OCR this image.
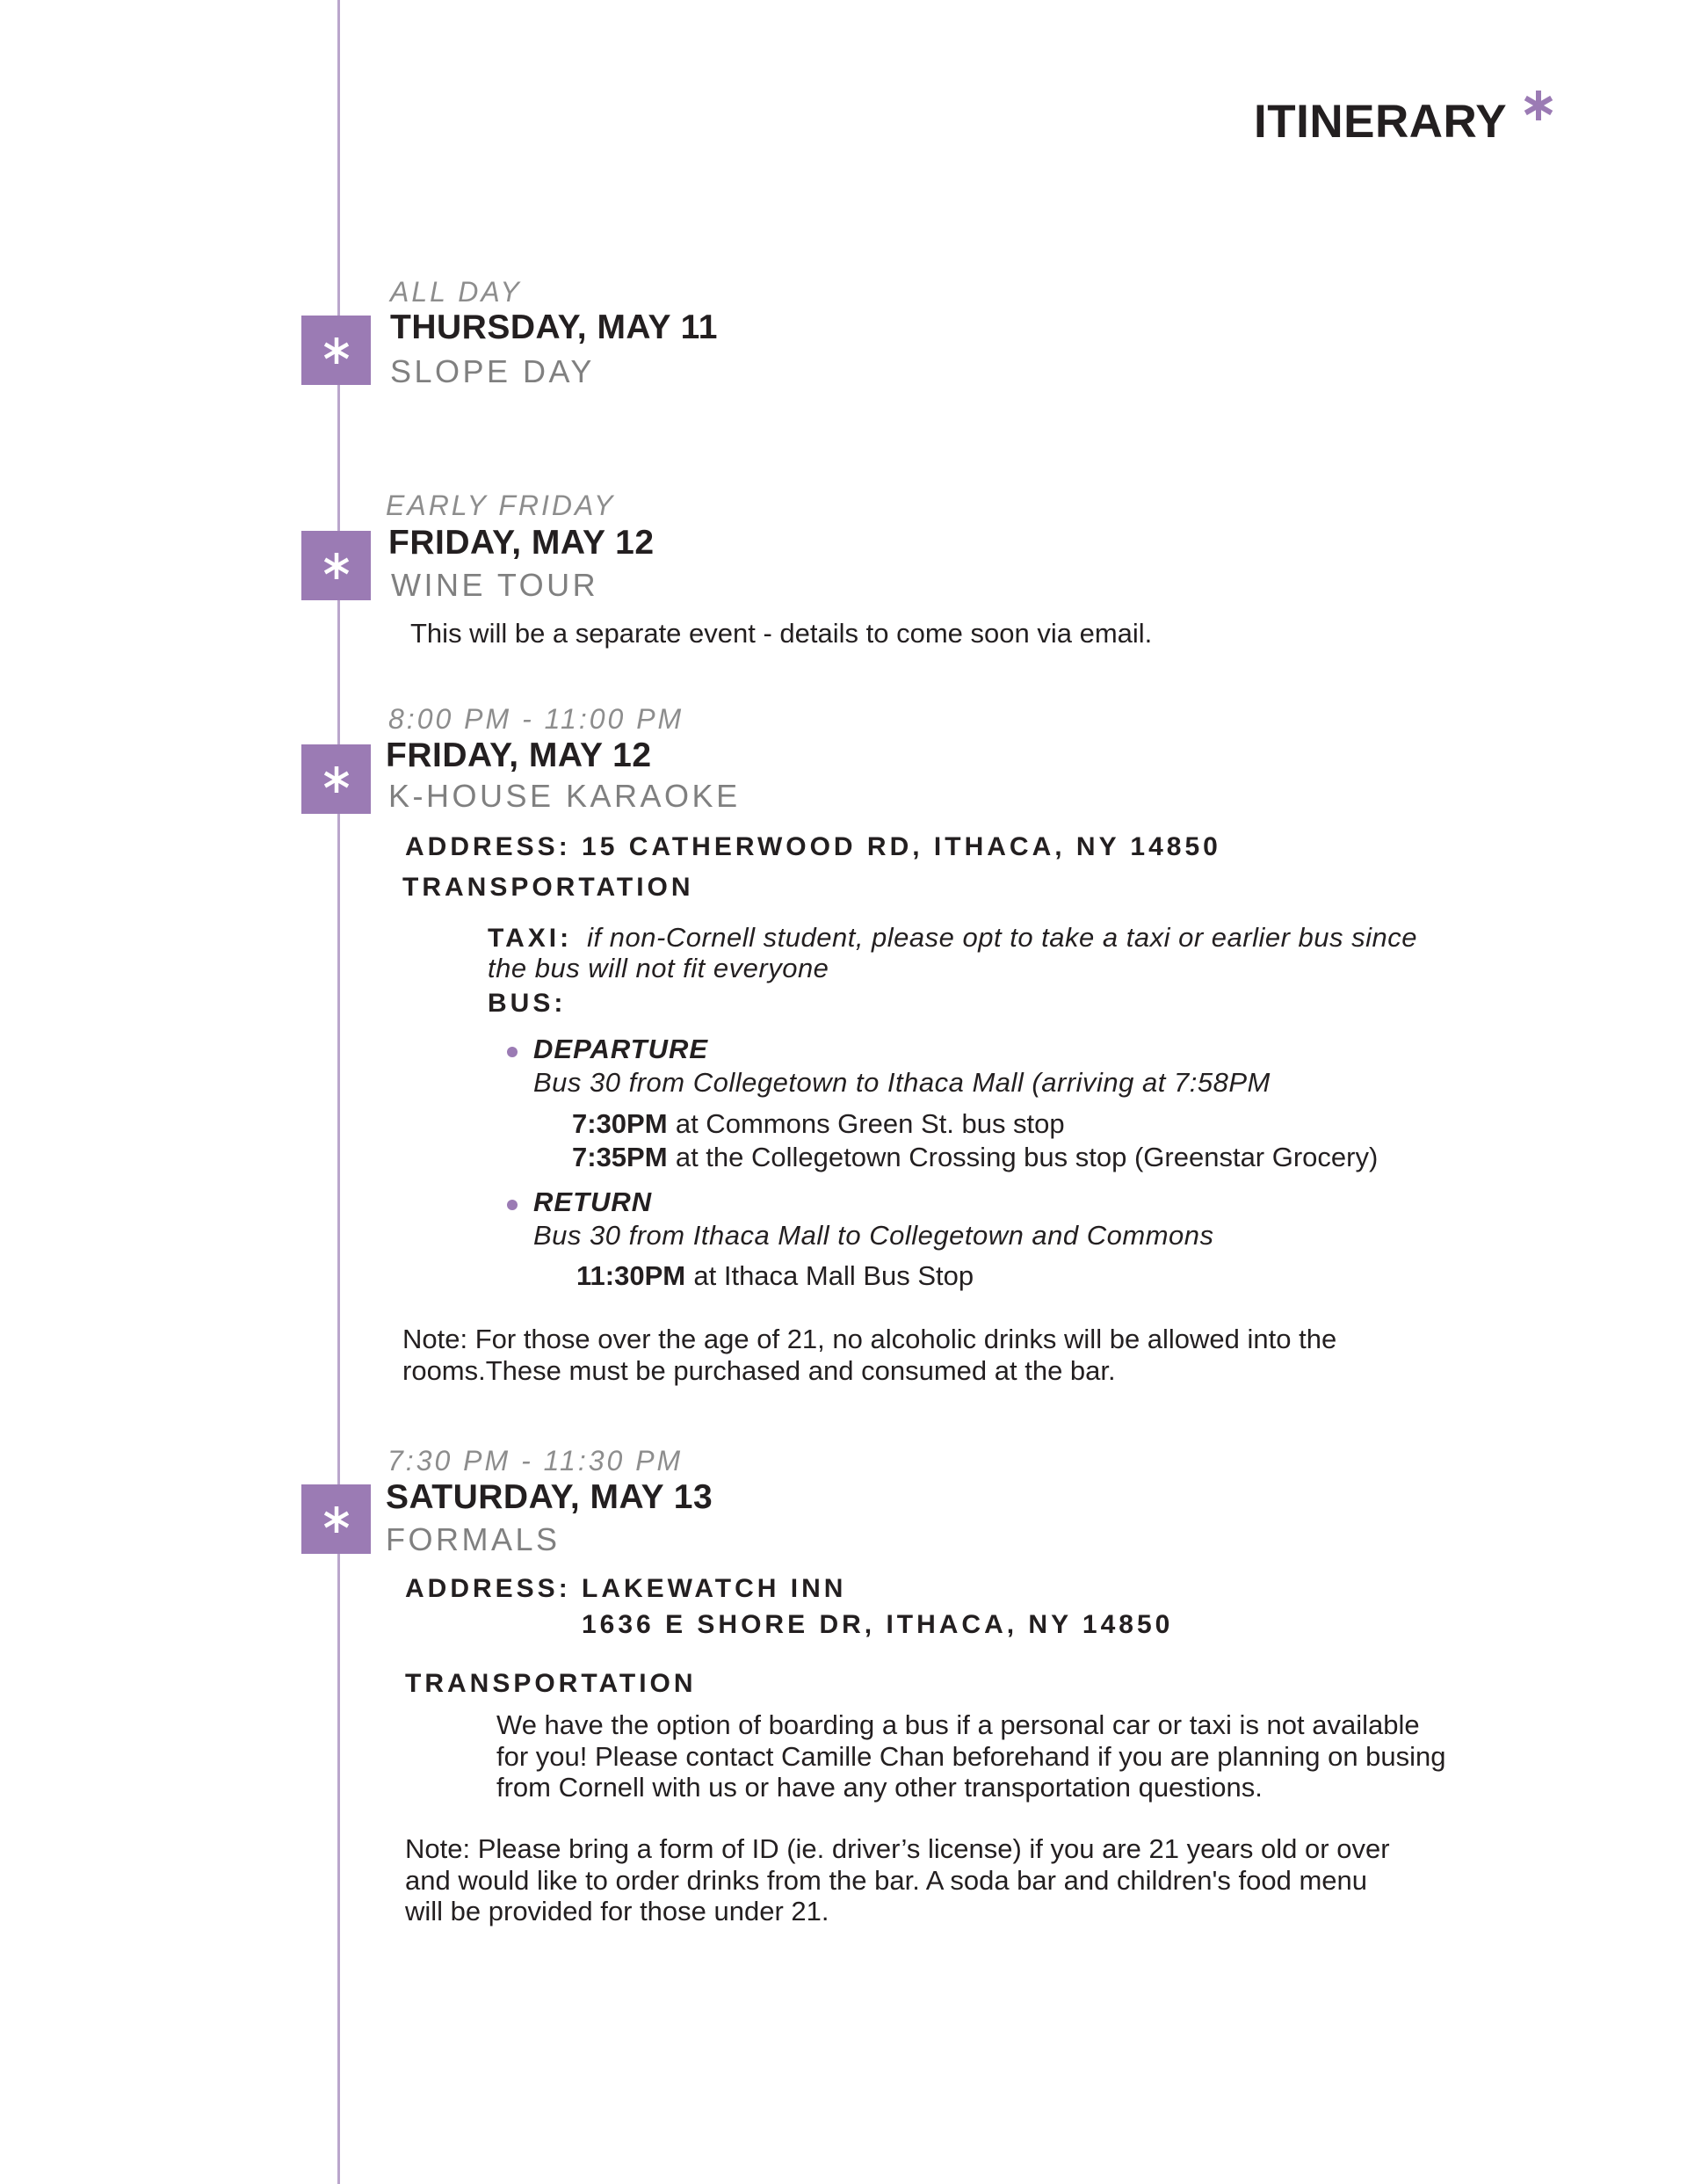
ITINERARY
ALL DAY
THURSDAY, MAY 11
SLOPE DAY
EARLY FRIDAY
FRIDAY, MAY 12
WINE TOUR
This will be a separate event - details to come soon via email.
8:00 PM - 11:00 PM
FRIDAY, MAY 12
K-HOUSE KARAOKE
ADDRESS: 15 CATHERWOOD RD, ITHACA, NY 14850
TRANSPORTATION
TAXI: if non-Cornell student, please opt to take a taxi or earlier bus since
the bus will not fit everyone
BUS:
DEPARTURE
Bus 30 from Collegetown to Ithaca Mall (arriving at 7:58PM
7:30PM at Commons Green St. bus stop
7:35PM at the Collegetown Crossing bus stop (Greenstar Grocery)
RETURN
Bus 30 from Ithaca Mall to Collegetown and Commons
11:30PM at Ithaca Mall Bus Stop
Note: For those over the age of 21, no alcoholic drinks will be allowed into the
rooms.These must be purchased and consumed at the bar.
7:30 PM - 11:30 PM
SATURDAY, MAY 13
FORMALS
ADDRESS: LAKEWATCH INN
1636 E SHORE DR, ITHACA, NY 14850
TRANSPORTATION
We have the option of boarding a bus if a personal car or taxi is not available
for you! Please contact Camille Chan beforehand if you are planning on busing
from Cornell with us or have any other transportation questions.
Note: Please bring a form of ID (ie. driver’s license) if you are 21 years old or over
and would like to order drinks from the bar. A soda bar and children's food menu
will be provided for those under 21.
